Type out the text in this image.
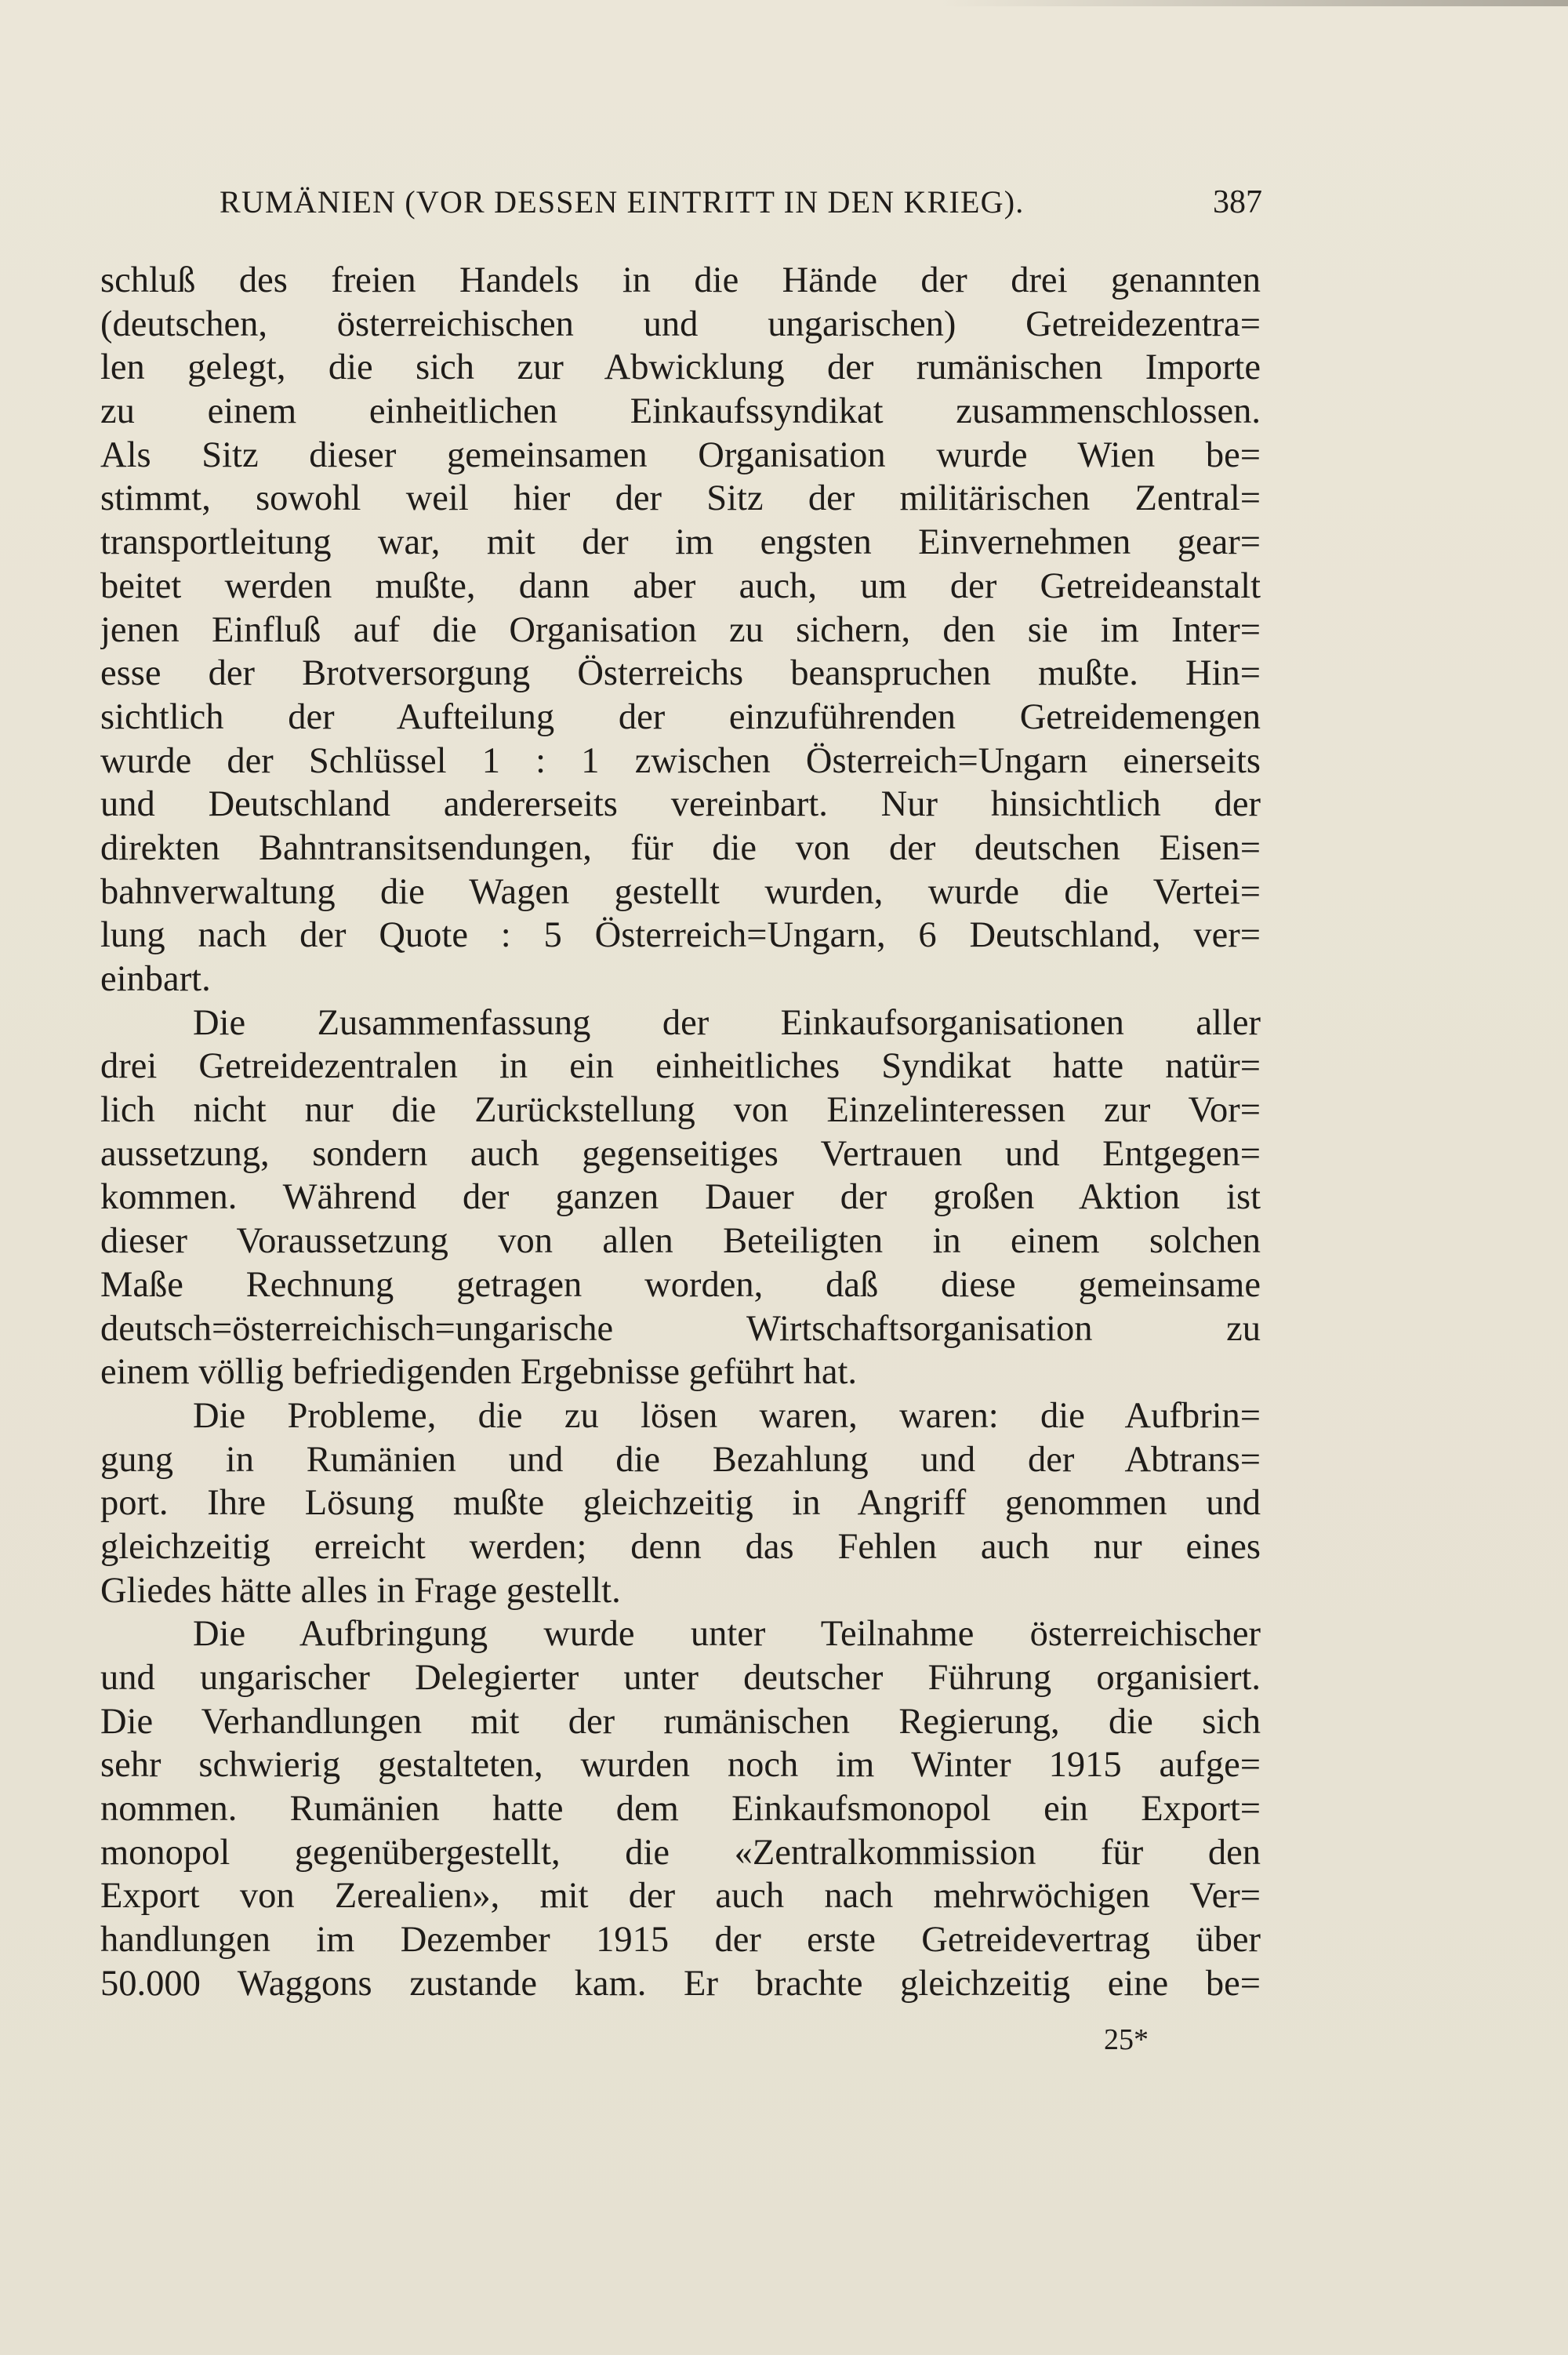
RUMÄNIEN (VOR DESSEN EINTRITT IN DEN KRIEG).	387
schluß des freien Handels in die Hände der drei genannten
(deutschen, österreichischen und ungarischen) Getreidezentra=
len gelegt, die sich zur Abwicklung der rumänischen Importe
zu einem einheitlichen Einkaufssyndikat zusammenschlossen.
Als Sitz dieser gemeinsamen Organisation wurde Wien be=
stimmt, sowohl weil hier der Sitz der militärischen Zentral=
transportleitung war, mit der im engsten Einvernehmen gear=
beitet werden mußte, dann aber auch, um der Getreideanstalt
jenen Einfluß auf die Organisation zu sichern, den sie im Inter=
esse der Brotversorgung Österreichs beanspruchen mußte. Hin=
sichtlich der Aufteilung der einzuführenden Getreidemengen
wurde der Schlüssel 1 : 1 zwischen Österreich=Ungarn einerseits
und Deutschland andererseits vereinbart. Nur hinsichtlich der
direkten Bahntransitsendungen, für die von der deutschen Eisen=
bahnverwaltung die Wagen gestellt wurden, wurde die Vertei=
lung nach der Quote : 5 Österreich=Ungarn, 6 Deutschland, ver=
einbart.
Die Zusammenfassung der Einkaufsorganisationen aller
drei Getreidezentralen in ein einheitliches Syndikat hatte natür=
lich nicht nur die Zurückstellung von Einzelinteressen zur Vor=
aussetzung, sondern auch gegenseitiges Vertrauen und Entgegen=
kommen. Während der ganzen Dauer der großen Aktion ist
dieser Voraussetzung von allen Beteiligten in einem solchen
Maße Rechnung getragen worden, daß diese gemeinsame
deutsch=österreichisch=ungarische Wirtschaftsorganisation zu
einem völlig befriedigenden Ergebnisse geführt hat.
Die Probleme, die zu lösen waren, waren: die Aufbrin=
gung in Rumänien und die Bezahlung und der Abtrans=
port. Ihre Lösung mußte gleichzeitig in Angriff genommen und
gleichzeitig erreicht werden; denn das Fehlen auch nur eines
Gliedes hätte alles in Frage gestellt.
Die Aufbringung wurde unter Teilnahme österreichischer
und ungarischer Delegierter unter deutscher Führung organisiert.
Die Verhandlungen mit der rumänischen Regierung, die sich
sehr schwierig gestalteten, wurden noch im Winter 1915 aufge=
nommen. Rumänien hatte dem Einkaufsmonopol ein Export=
monopol gegenübergestellt, die «Zentralkommission für den
Export von Zerealien», mit der auch nach mehrwöchigen Ver=
handlungen im Dezember 1915 der erste Getreidevertrag über
50.000 Waggons zustande kam. Er brachte gleichzeitig eine be=
25*
